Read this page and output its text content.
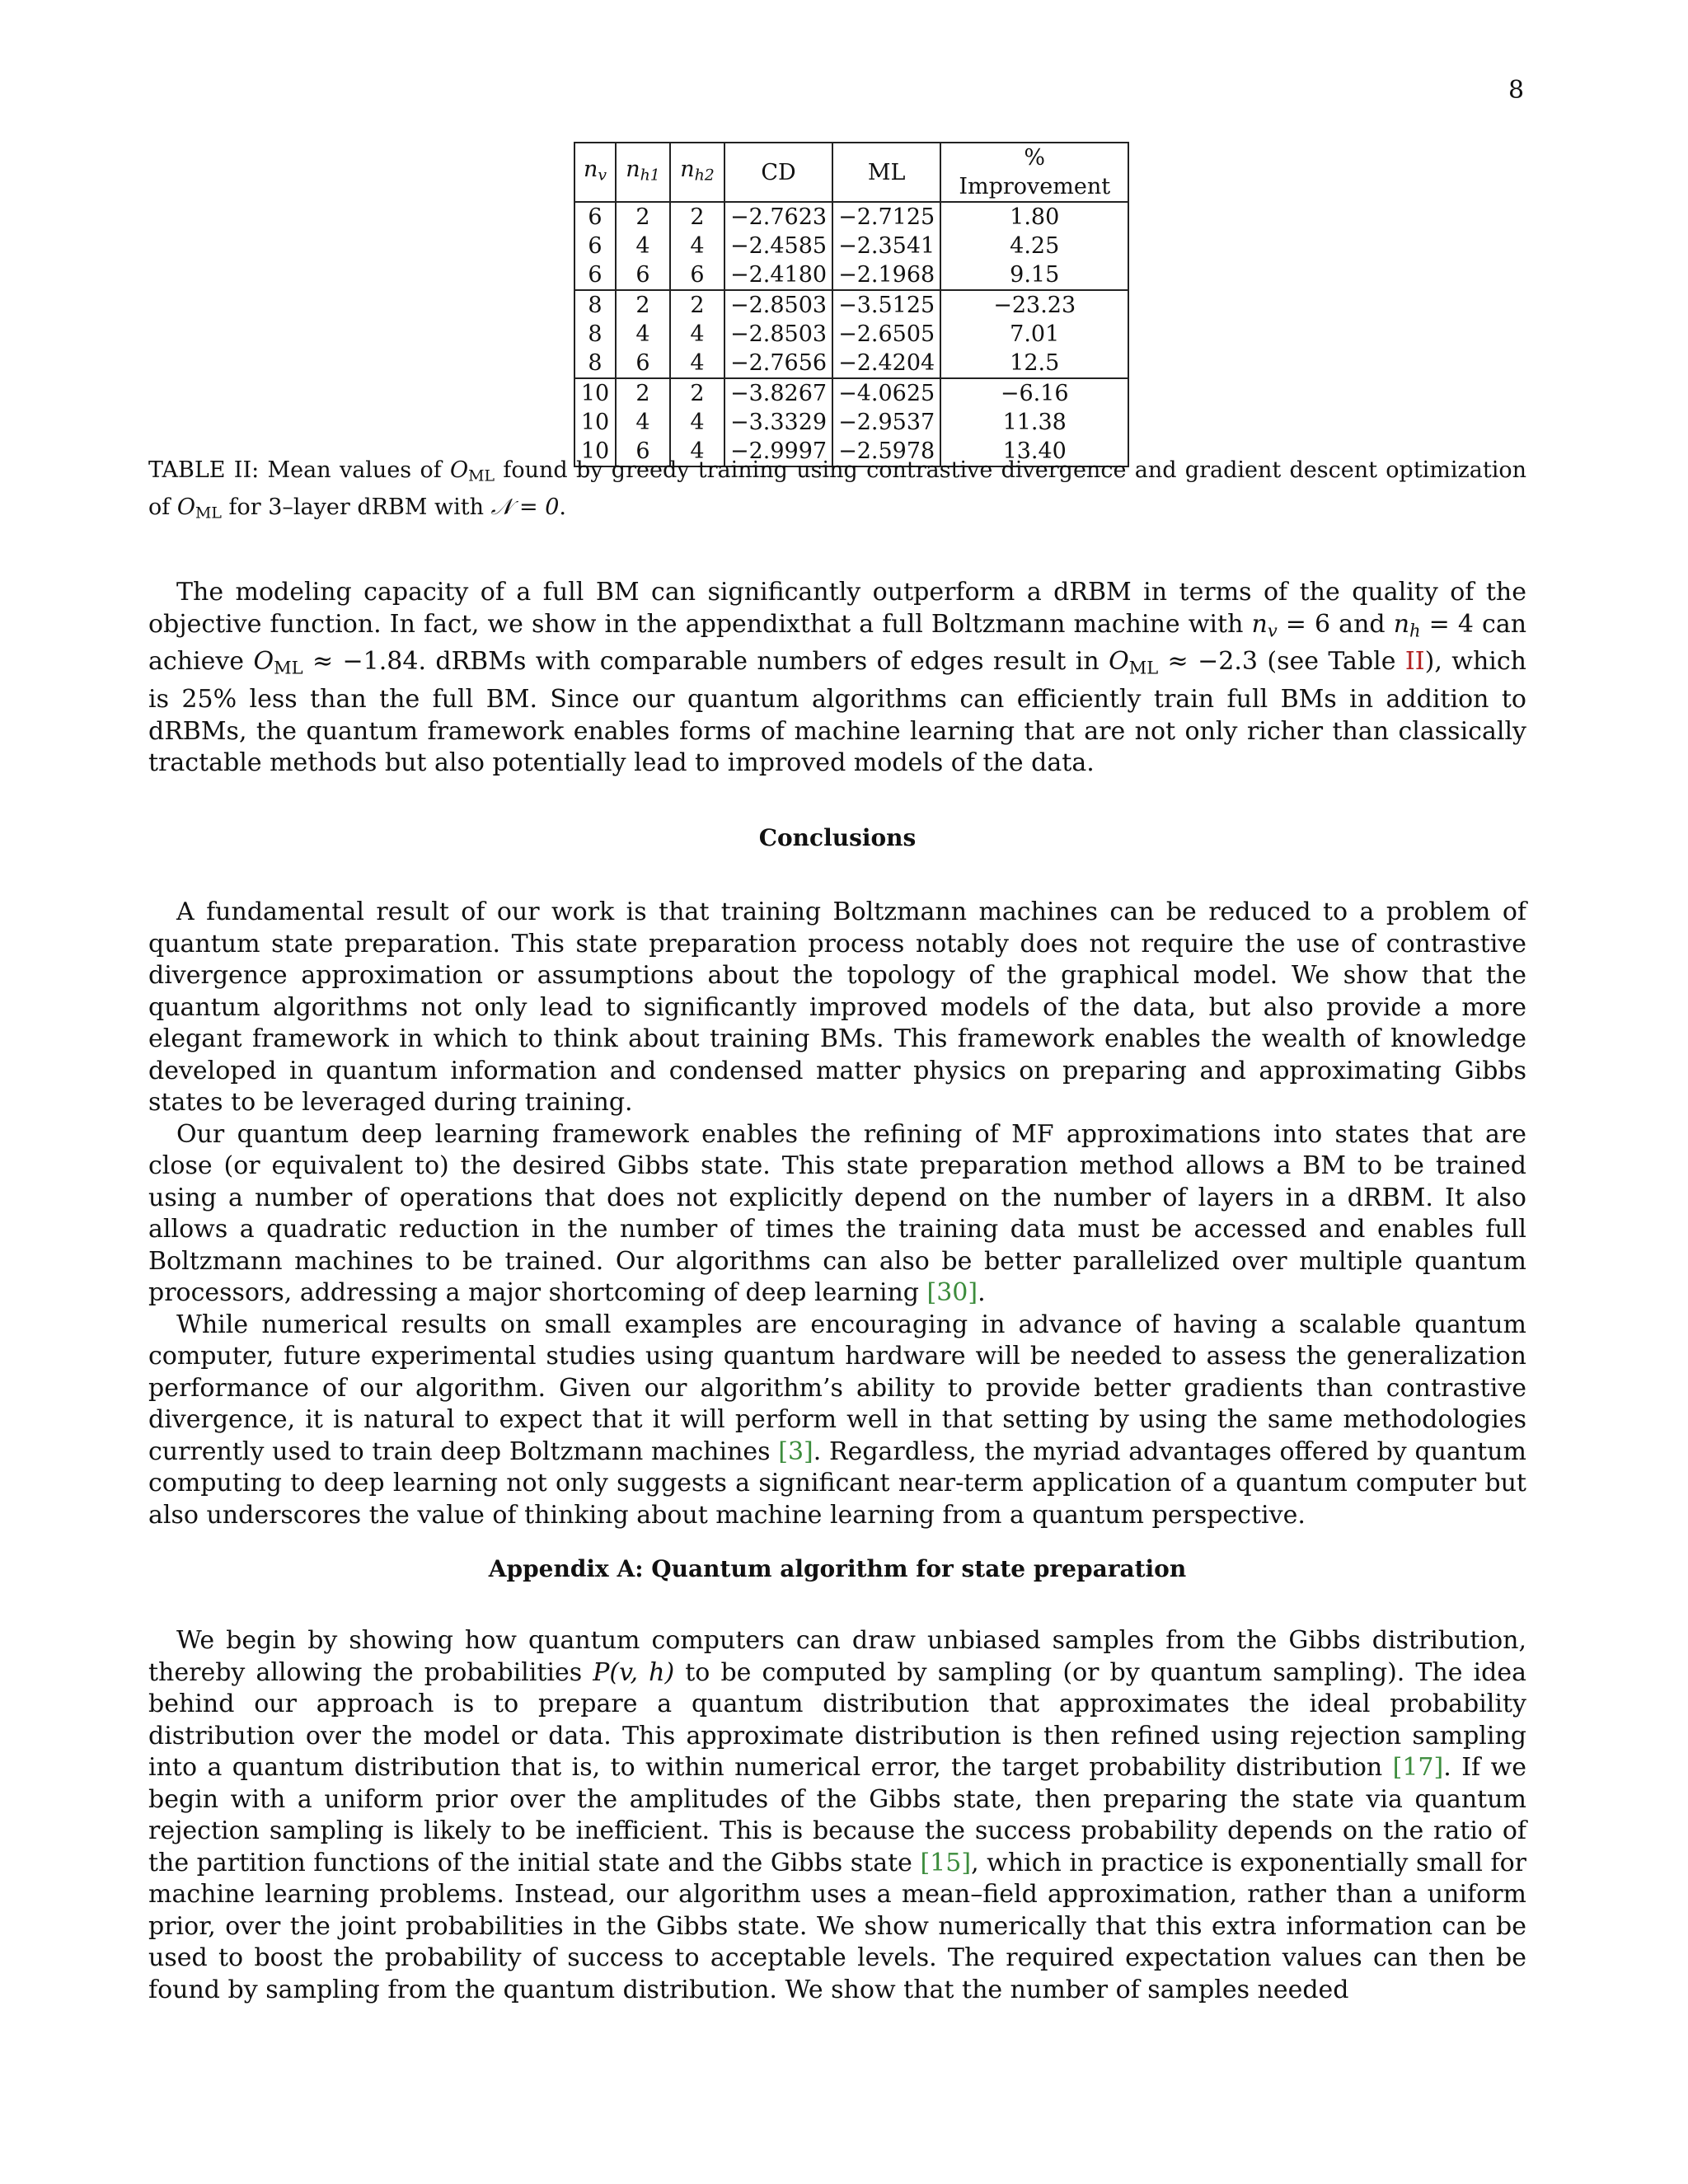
8
$n_v$	$n_{h1}$	$n_{h2}$	CD	ML	% Improvement
6	2	2	−2.7623	−2.7125	1.80
6	4	4	−2.4585	−2.3541	4.25
6	6	6	−2.4180	−2.1968	9.15
8	2	2	−2.8503	−3.5125	−23.23
8	4	4	−2.8503	−2.6505	7.01
8	6	4	−2.7656	−2.4204	12.5
10	2	2	−3.8267	−4.0625	−6.16
10	4	4	−3.3329	−2.9537	11.38
10	6	4	−2.9997	−2.5978	13.40
TABLE II: Mean values of $O_{ML}$ found by greedy training using contrastive divergence and gradient descent optimization of $O_{ML}$ for 3–layer dRBM with 𝒩 = 0.

The modeling capacity of a full BM can significantly outperform a dRBM in terms of the quality of the objective function. In fact, we show in the appendixthat a full Boltzmann machine with $n_v = 6$ and $n_h = 4$ can achieve $O_{ML} \approx -1.84$. dRBMs with comparable numbers of edges result in $O_{ML} \approx -2.3$ (see Table II), which is 25% less than the full BM. Since our quantum algorithms can efficiently train full BMs in addition to dRBMs, the quantum framework enables forms of machine learning that are not only richer than classically tractable methods but also potentially lead to improved models of the data.

Conclusions

A fundamental result of our work is that training Boltzmann machines can be reduced to a problem of quantum state preparation. This state preparation process notably does not require the use of contrastive divergence approximation or assumptions about the topology of the graphical model. We show that the quantum algorithms not only lead to significantly improved models of the data, but also provide a more elegant framework in which to think about training BMs. This framework enables the wealth of knowledge developed in quantum information and condensed matter physics on preparing and approximating Gibbs states to be leveraged during training.

Our quantum deep learning framework enables the refining of MF approximations into states that are close (or equivalent to) the desired Gibbs state. This state preparation method allows a BM to be trained using a number of operations that does not explicitly depend on the number of layers in a dRBM. It also allows a quadratic reduction in the number of times the training data must be accessed and enables full Boltzmann machines to be trained. Our algorithms can also be better parallelized over multiple quantum processors, addressing a major shortcoming of deep learning [30].

While numerical results on small examples are encouraging in advance of having a scalable quantum computer, future experimental studies using quantum hardware will be needed to assess the generalization performance of our algorithm. Given our algorithm’s ability to provide better gradients than contrastive divergence, it is natural to expect that it will perform well in that setting by using the same methodologies currently used to train deep Boltzmann machines [3]. Regardless, the myriad advantages offered by quantum computing to deep learning not only suggests a significant near-term application of a quantum computer but also underscores the value of thinking about machine learning from a quantum perspective.

Appendix A: Quantum algorithm for state preparation

We begin by showing how quantum computers can draw unbiased samples from the Gibbs distribution, thereby allowing the probabilities P(v, h) to be computed by sampling (or by quantum sampling). The idea behind our approach is to prepare a quantum distribution that approximates the ideal probability distribution over the model or data. This approximate distribution is then refined using rejection sampling into a quantum distribution that is, to within numerical error, the target probability distribution [17]. If we begin with a uniform prior over the amplitudes of the Gibbs state, then preparing the state via quantum rejection sampling is likely to be inefficient. This is because the success probability depends on the ratio of the partition functions of the initial state and the Gibbs state [15], which in practice is exponentially small for machine learning problems. Instead, our algorithm uses a mean–field approximation, rather than a uniform prior, over the joint probabilities in the Gibbs state. We show numerically that this extra information can be used to boost the probability of success to acceptable levels. The required expectation values can then be found by sampling from the quantum distribution. We show that the number of samples needed
